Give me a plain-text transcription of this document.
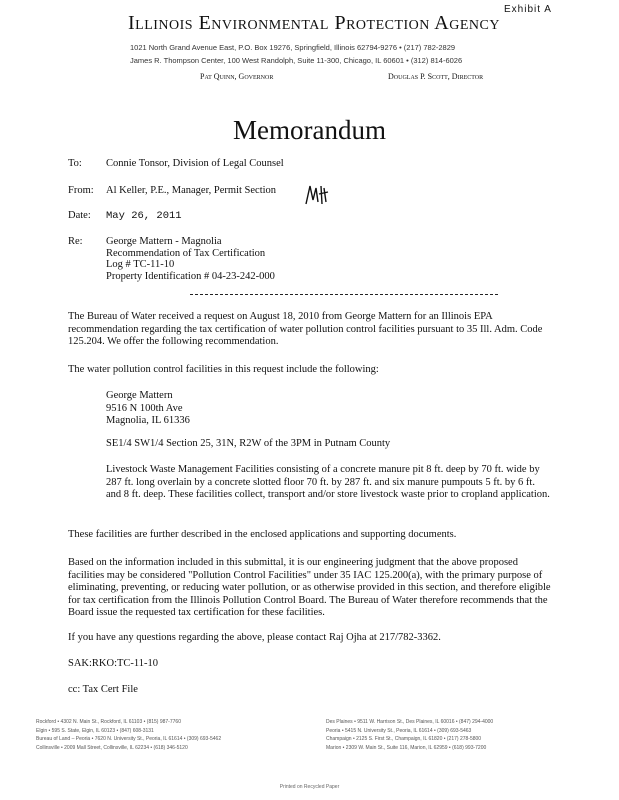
Exhibit A
Illinois Environmental Protection Agency
1021 North Grand Avenue East, P.O. Box 19276, Springfield, Illinois 62794-9276 • (217) 782-2829
James R. Thompson Center, 100 West Randolph, Suite 11-300, Chicago, IL 60601 • (312) 814-6026
Pat Quinn, Governor	Douglas P. Scott, Director
Memorandum
To: Connie Tonsor, Division of Legal Counsel
From: Al Keller, P.E., Manager, Permit Section
Date: May 26, 2011
Re: George Mattern - Magnolia
Recommendation of Tax Certification
Log # TC-11-10
Property Identification # 04-23-242-000
The Bureau of Water received a request on August 18, 2010 from George Mattern for an Illinois EPA recommendation regarding the tax certification of water pollution control facilities pursuant to 35 Ill. Adm. Code 125.204. We offer the following recommendation.
The water pollution control facilities in this request include the following:
George Mattern
9516 N 100th Ave
Magnolia, IL 61336
SE1/4 SW1/4 Section 25, 31N, R2W of the 3PM in Putnam County
Livestock Waste Management Facilities consisting of a concrete manure pit 8 ft. deep by 70 ft. wide by 287 ft. long overlain by a concrete slotted floor 70 ft. by 287 ft. and six manure pumpouts 5 ft. by 6 ft. and 8 ft. deep. These facilities collect, transport and/or store livestock waste prior to cropland application.
These facilities are further described in the enclosed applications and supporting documents.
Based on the information included in this submittal, it is our engineering judgment that the above proposed facilities may be considered "Pollution Control Facilities" under 35 IAC 125.200(a), with the primary purpose of eliminating, preventing, or reducing water pollution, or as otherwise provided in this section, and therefore eligible for tax certification from the Illinois Pollution Control Board. The Bureau of Water therefore recommends that the Board issue the requested tax certification for these facilities.
If you have any questions regarding the above, please contact Raj Ojha at 217/782-3362.
SAK:RKO:TC-11-10
cc: Tax Cert File
Rockford • 4302 N. Main St., Rockford, IL 61103 • (815) 987-7760
Elgin • 595 S. State, Elgin, IL 60123 • (847) 608-3131
Bureau of Land – Peoria • 7620 N. University St., Peoria, IL 61614 • (309) 693-5462
Collinsville • 2009 Mall Street, Collinsville, IL 62234 • (618) 346-5120
Des Plaines • 9511 W. Harrison St., Des Plaines, IL 60016 • (847) 294-4000
Peoria • 5415 N. University St., Peoria, IL 61614 • (309) 693-5463
Champaign • 2125 S. First St., Champaign, IL 61820 • (217) 278-5800
Marion • 2309 W. Main St., Suite 116, Marion, IL 62959 • (618) 993-7200
Printed on Recycled Paper
